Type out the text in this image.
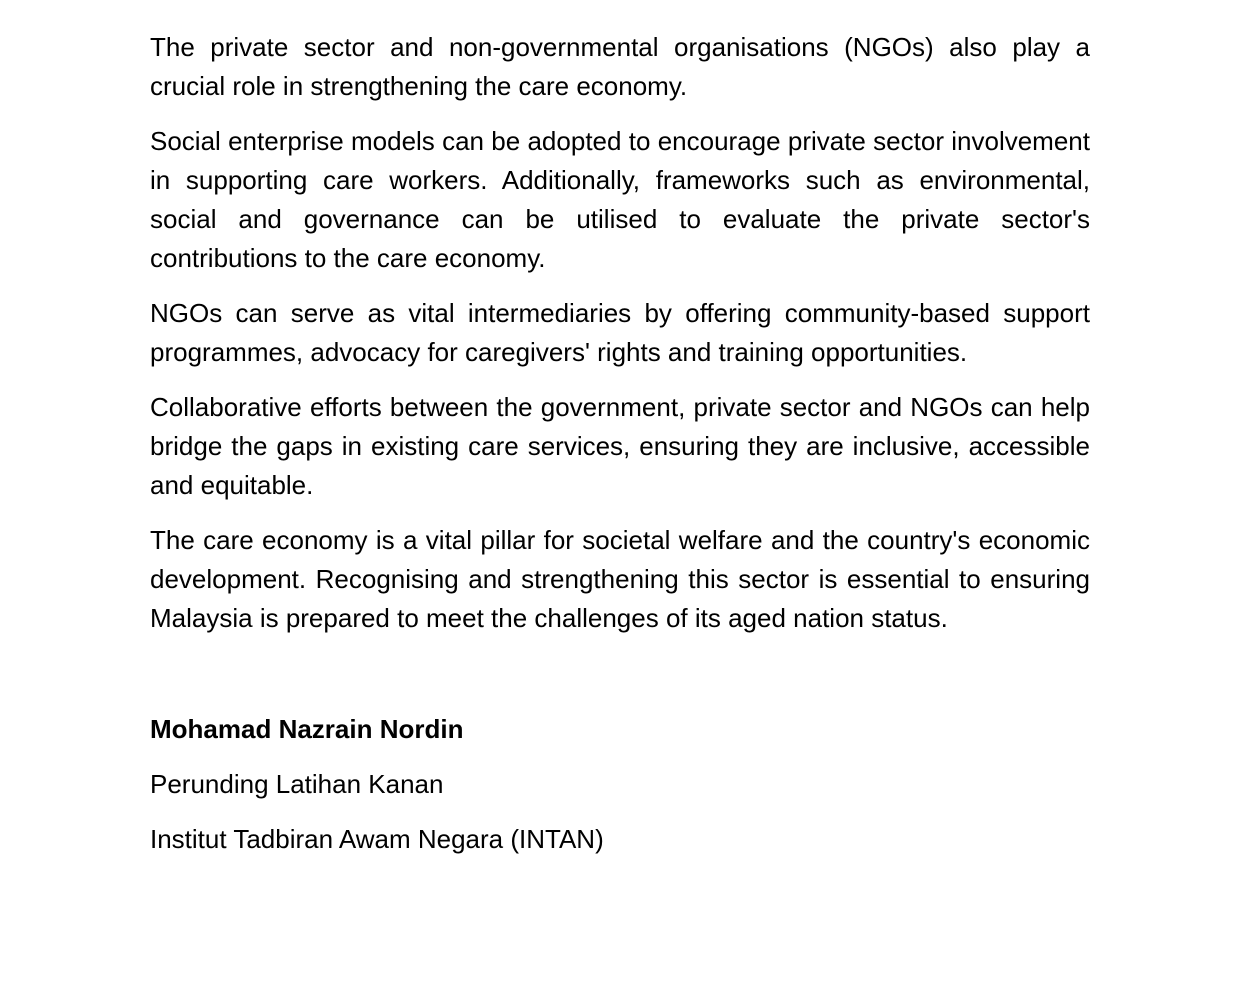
The private sector and non-governmental organisations (NGOs) also play a crucial role in strengthening the care economy.

Social enterprise models can be adopted to encourage private sector involvement in supporting care workers. Additionally, frameworks such as environmental, social and governance can be utilised to evaluate the private sector's contributions to the care economy.

NGOs can serve as vital intermediaries by offering community-based support programmes, advocacy for caregivers' rights and training opportunities.

Collaborative efforts between the government, private sector and NGOs can help bridge the gaps in existing care services, ensuring they are inclusive, accessible and equitable.

The care economy is a vital pillar for societal welfare and the country's economic development. Recognising and strengthening this sector is essential to ensuring Malaysia is prepared to meet the challenges of its aged nation status.

Mohamad Nazrain Nordin

Perunding Latihan Kanan

Institut Tadbiran Awam Negara (INTAN)
